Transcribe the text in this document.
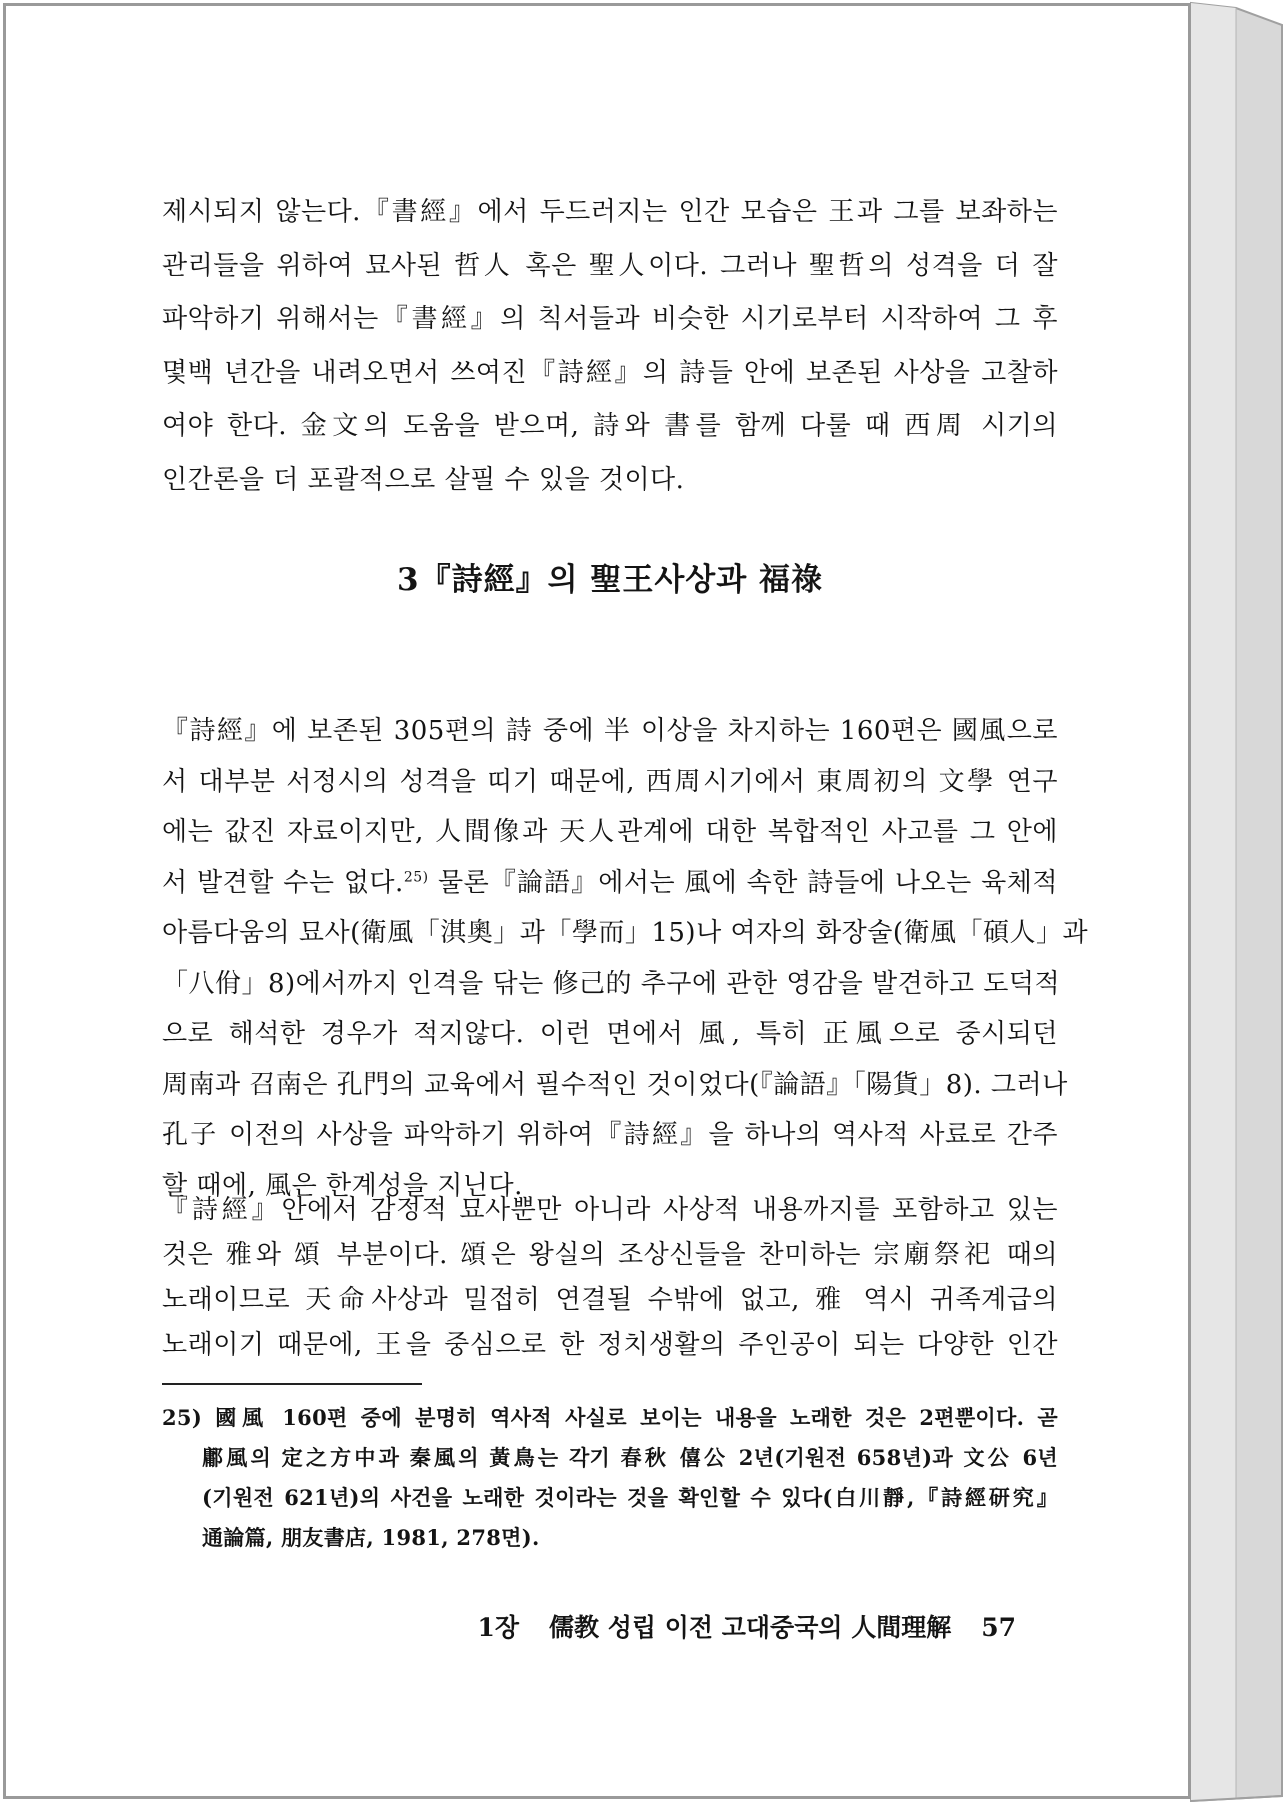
제시되지 않는다.『書經』에서 두드러지는 인간 모습은 王과 그를 보좌하는
관리들을 위하여 묘사된 哲人 혹은 聖人이다. 그러나 聖哲의 성격을 더 잘
파악하기 위해서는『書經』의 칙서들과 비슷한 시기로부터 시작하여 그 후
몇백 년간을 내려오면서 쓰여진『詩經』의 詩들 안에 보존된 사상을 고찰하
여야 한다. 金文의 도움을 받으며, 詩와 書를 함께 다룰 때 西周 시기의
인간론을 더 포괄적으로 살필 수 있을 것이다.
3『詩經』의 聖王사상과 福祿
『詩經』에 보존된 305편의 詩 중에 半 이상을 차지하는 160편은 國風으로
서 대부분 서정시의 성격을 띠기 때문에, 西周시기에서 東周初의 文學 연구
에는 값진 자료이지만, 人間像과 天人관계에 대한 복합적인 사고를 그 안에
서 발견할 수는 없다.$^{25)}$ 물론『論語』에서는 風에 속한 詩들에 나오는 육체적
아름다움의 묘사(衛風「淇奧」과「學而」15)나 여자의 화장술(衛風「碩人」과
「八佾」8)에서까지 인격을 닦는 修己的 추구에 관한 영감을 발견하고 도덕적
으로 해석한 경우가 적지않다. 이런 면에서 風, 특히 正風으로 중시되던
周南과 召南은 孔門의 교육에서 필수적인 것이었다(『論語』「陽貨」8). 그러나
孔子 이전의 사상을 파악하기 위하여『詩經』을 하나의 역사적 사료로 간주
할 때에, 風은 한계성을 지닌다.
『詩經』안에서 감정적 묘사뿐만 아니라 사상적 내용까지를 포함하고 있는
것은 雅와 頌 부분이다. 頌은 왕실의 조상신들을 찬미하는 宗廟祭祀 때의
노래이므로 天命사상과 밀접히 연결될 수밖에 없고, 雅 역시 귀족계급의
노래이기 때문에, 王을 중심으로 한 정치생활의 주인공이 되는 다양한 인간
25) 國風 160편 중에 분명히 역사적 사실로 보이는 내용을 노래한 것은 2편뿐이다. 곧
鄘風의 定之方中과 秦風의 黃鳥는 각기 春秋 僖公 2년(기원전 658년)과 文公 6년
(기원전 621년)의 사건을 노래한 것이라는 것을 확인할 수 있다(白川靜,『詩經研究』
通論篇, 朋友書店, 1981, 278면).
1장 儒教 성립 이전 고대중국의 人間理解 57
